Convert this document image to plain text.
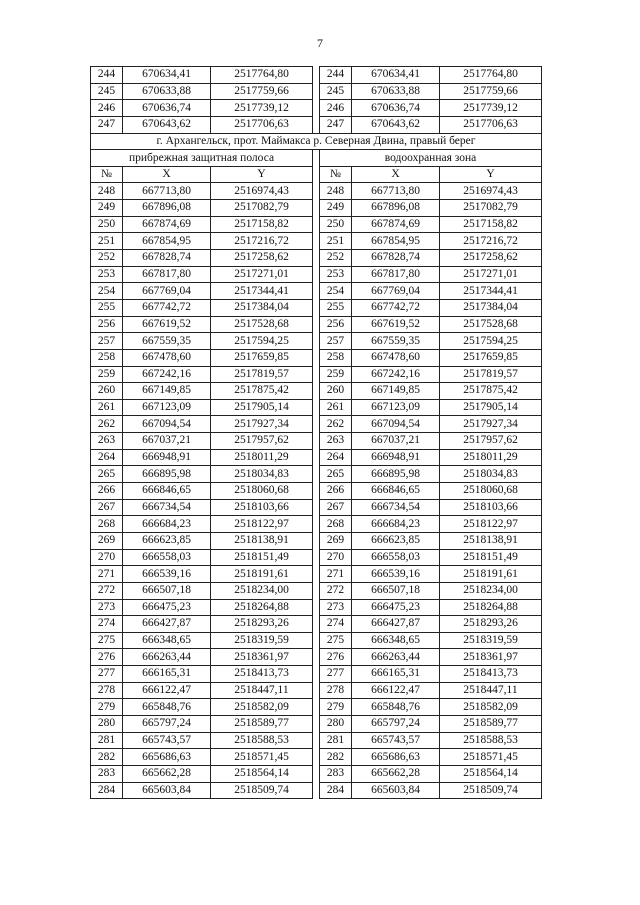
7
244	670634,41	2517764,80		244	670634,41	2517764,80
245	670633,88	2517759,66		245	670633,88	2517759,66
246	670636,74	2517739,12		246	670636,74	2517739,12
247	670643,62	2517706,63		247	670643,62	2517706,63
г. Архангельск, прот. Маймакса р. Северная Двина, правый берег						
прибрежная защитная полоса				водоохранная зона		
№	X	Y		№	X	Y
248	667713,80	2516974,43		248	667713,80	2516974,43
249	667896,08	2517082,79		249	667896,08	2517082,79
250	667874,69	2517158,82		250	667874,69	2517158,82
251	667854,95	2517216,72		251	667854,95	2517216,72
252	667828,74	2517258,62		252	667828,74	2517258,62
253	667817,80	2517271,01		253	667817,80	2517271,01
254	667769,04	2517344,41		254	667769,04	2517344,41
255	667742,72	2517384,04		255	667742,72	2517384,04
256	667619,52	2517528,68		256	667619,52	2517528,68
257	667559,35	2517594,25		257	667559,35	2517594,25
258	667478,60	2517659,85		258	667478,60	2517659,85
259	667242,16	2517819,57		259	667242,16	2517819,57
260	667149,85	2517875,42		260	667149,85	2517875,42
261	667123,09	2517905,14		261	667123,09	2517905,14
262	667094,54	2517927,34		262	667094,54	2517927,34
263	667037,21	2517957,62		263	667037,21	2517957,62
264	666948,91	2518011,29		264	666948,91	2518011,29
265	666895,98	2518034,83		265	666895,98	2518034,83
266	666846,65	2518060,68		266	666846,65	2518060,68
267	666734,54	2518103,66		267	666734,54	2518103,66
268	666684,23	2518122,97		268	666684,23	2518122,97
269	666623,85	2518138,91		269	666623,85	2518138,91
270	666558,03	2518151,49		270	666558,03	2518151,49
271	666539,16	2518191,61		271	666539,16	2518191,61
272	666507,18	2518234,00		272	666507,18	2518234,00
273	666475,23	2518264,88		273	666475,23	2518264,88
274	666427,87	2518293,26		274	666427,87	2518293,26
275	666348,65	2518319,59		275	666348,65	2518319,59
276	666263,44	2518361,97		276	666263,44	2518361,97
277	666165,31	2518413,73		277	666165,31	2518413,73
278	666122,47	2518447,11		278	666122,47	2518447,11
279	665848,76	2518582,09		279	665848,76	2518582,09
280	665797,24	2518589,77		280	665797,24	2518589,77
281	665743,57	2518588,53		281	665743,57	2518588,53
282	665686,63	2518571,45		282	665686,63	2518571,45
283	665662,28	2518564,14		283	665662,28	2518564,14
284	665603,84	2518509,74		284	665603,84	2518509,74
